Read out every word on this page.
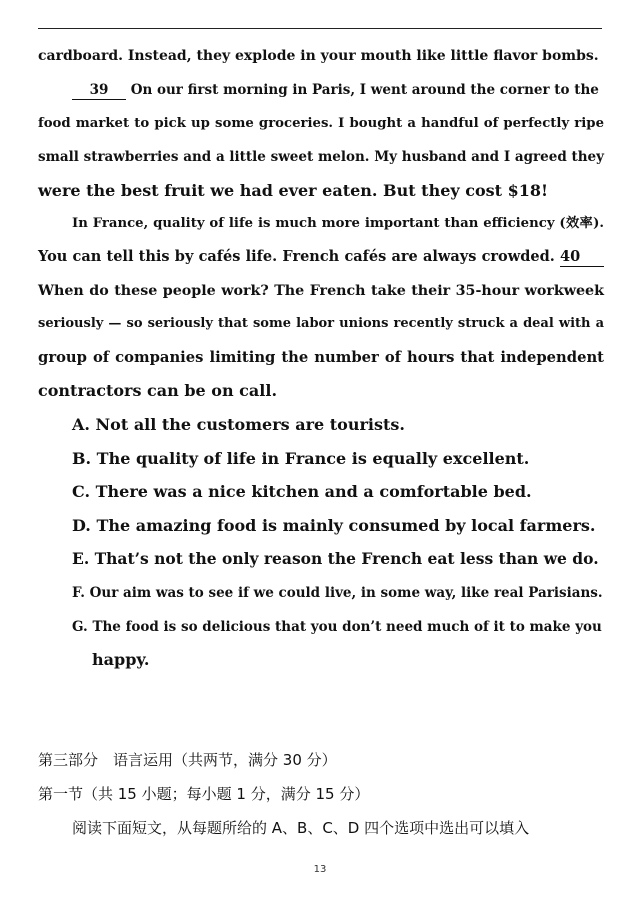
cardboard. Instead, they explode in your mouth like little flavor bombs.
39 On our first morning in Paris, I went around the corner to the
food market to pick up some groceries. I bought a handful of perfectly ripe
small strawberries and a little sweet melon. My husband and I agreed they
were the best fruit we had ever eaten. But they cost $18!
In France, quality of life is much more important than efficiency (效率).
You can tell this by cafés life. French cafés are always crowded. 40
When do these people work? The French take their 35-hour workweek
seriously — so seriously that some labor unions recently struck a deal with a
group of companies limiting the number of hours that independent
contractors can be on call.
A. Not all the customers are tourists.
B. The quality of life in France is equally excellent.
C. There was a nice kitchen and a comfortable bed.
D. The amazing food is mainly consumed by local farmers.
E. That’s not the only reason the French eat less than we do.
F. Our aim was to see if we could live, in some way, like real Parisians.
G. The food is so delicious that you don’t need much of it to make you
happy.
第三部分　语言运用（共两节，满分 30 分）
第一节（共 15 小题；每小题 1 分，满分 15 分）
阅读下面短文，从每题所给的 A、B、C、D 四个选项中选出可以填入
13
